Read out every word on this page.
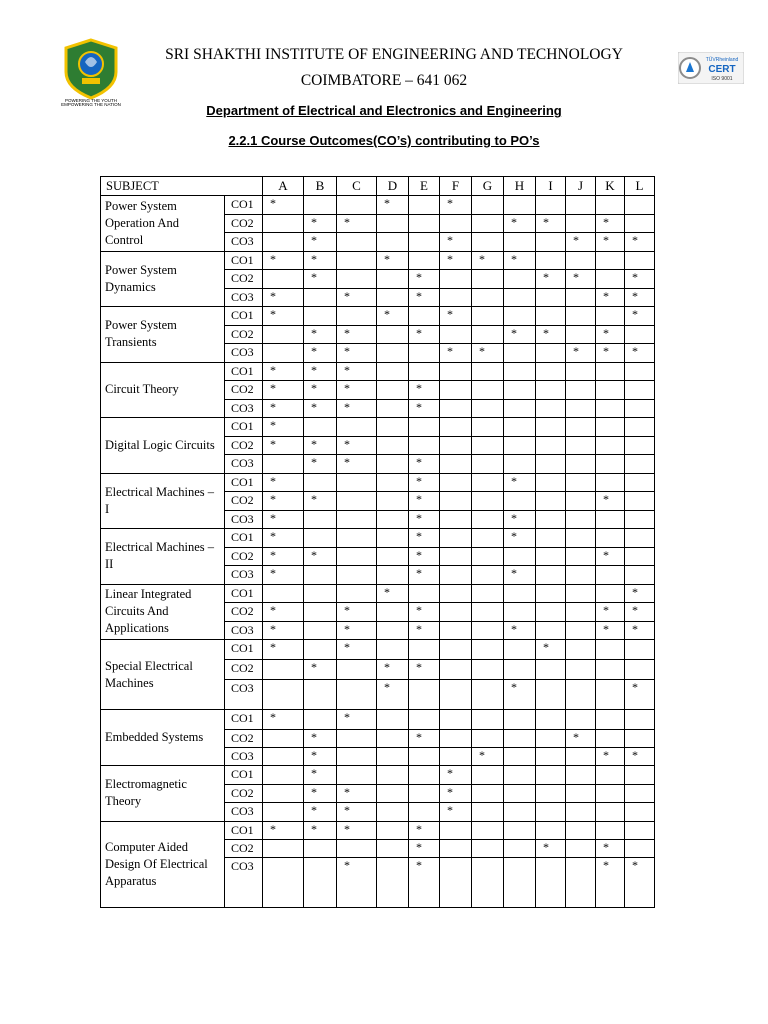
POWERING THE YOUTH
EMPOWERING THE NATION
TÜVRheinland
CERT
ISO 9001
SRI SHAKTHI INSTITUTE OF ENGINEERING AND TECHNOLOGY
COIMBATORE – 641 062
Department of Electrical and Electronics and Engineering
2.2.1 Course Outcomes(CO’s) contributing to PO’s
SUBJECT		A	B	C	D	E	F	G	H	I	J	K	L
Power System Operation And Control	CO1	*			*		*						
	CO2		*	*					*	*		*	
	CO3		*				*				*	*	*
Power System Dynamics	CO1	*	*		*		*	*	*				
	CO2		*			*				*	*		*
	CO3	*		*		*						*	*
Power System Transients	CO1	*			*		*						*
	CO2		*	*		*			*	*		*	
	CO3		*	*			*	*			*	*	*
Circuit Theory	CO1	*	*	*									
	CO2	*	*	*		*							
	CO3	*	*	*		*							
Digital Logic Circuits	CO1	*											
	CO2	*	*	*									
	CO3		*	*		*							
Electrical Machines – I	CO1	*				*			*				
	CO2	*	*			*						*	
	CO3	*				*			*				
Electrical Machines – II	CO1	*				*			*				
	CO2	*	*			*						*	
	CO3	*				*			*				
Linear Integrated Circuits And Applications	CO1				*								*
	CO2	*		*		*						*	*
	CO3	*		*		*			*			*	*
Special Electrical Machines	CO1	*		*						*			
	CO2		*		*	*							
	CO3				*				*				*
Embedded Systems	CO1	*		*									
	CO2		*			*					*		
	CO3		*					*				*	*
Electromagnetic Theory	CO1		*				*						
	CO2		*	*			*						
	CO3		*	*			*						
Computer Aided Design Of Electrical Apparatus	CO1	*	*	*		*							
	CO2					*				*		*	
	CO3			*		*						*	*
